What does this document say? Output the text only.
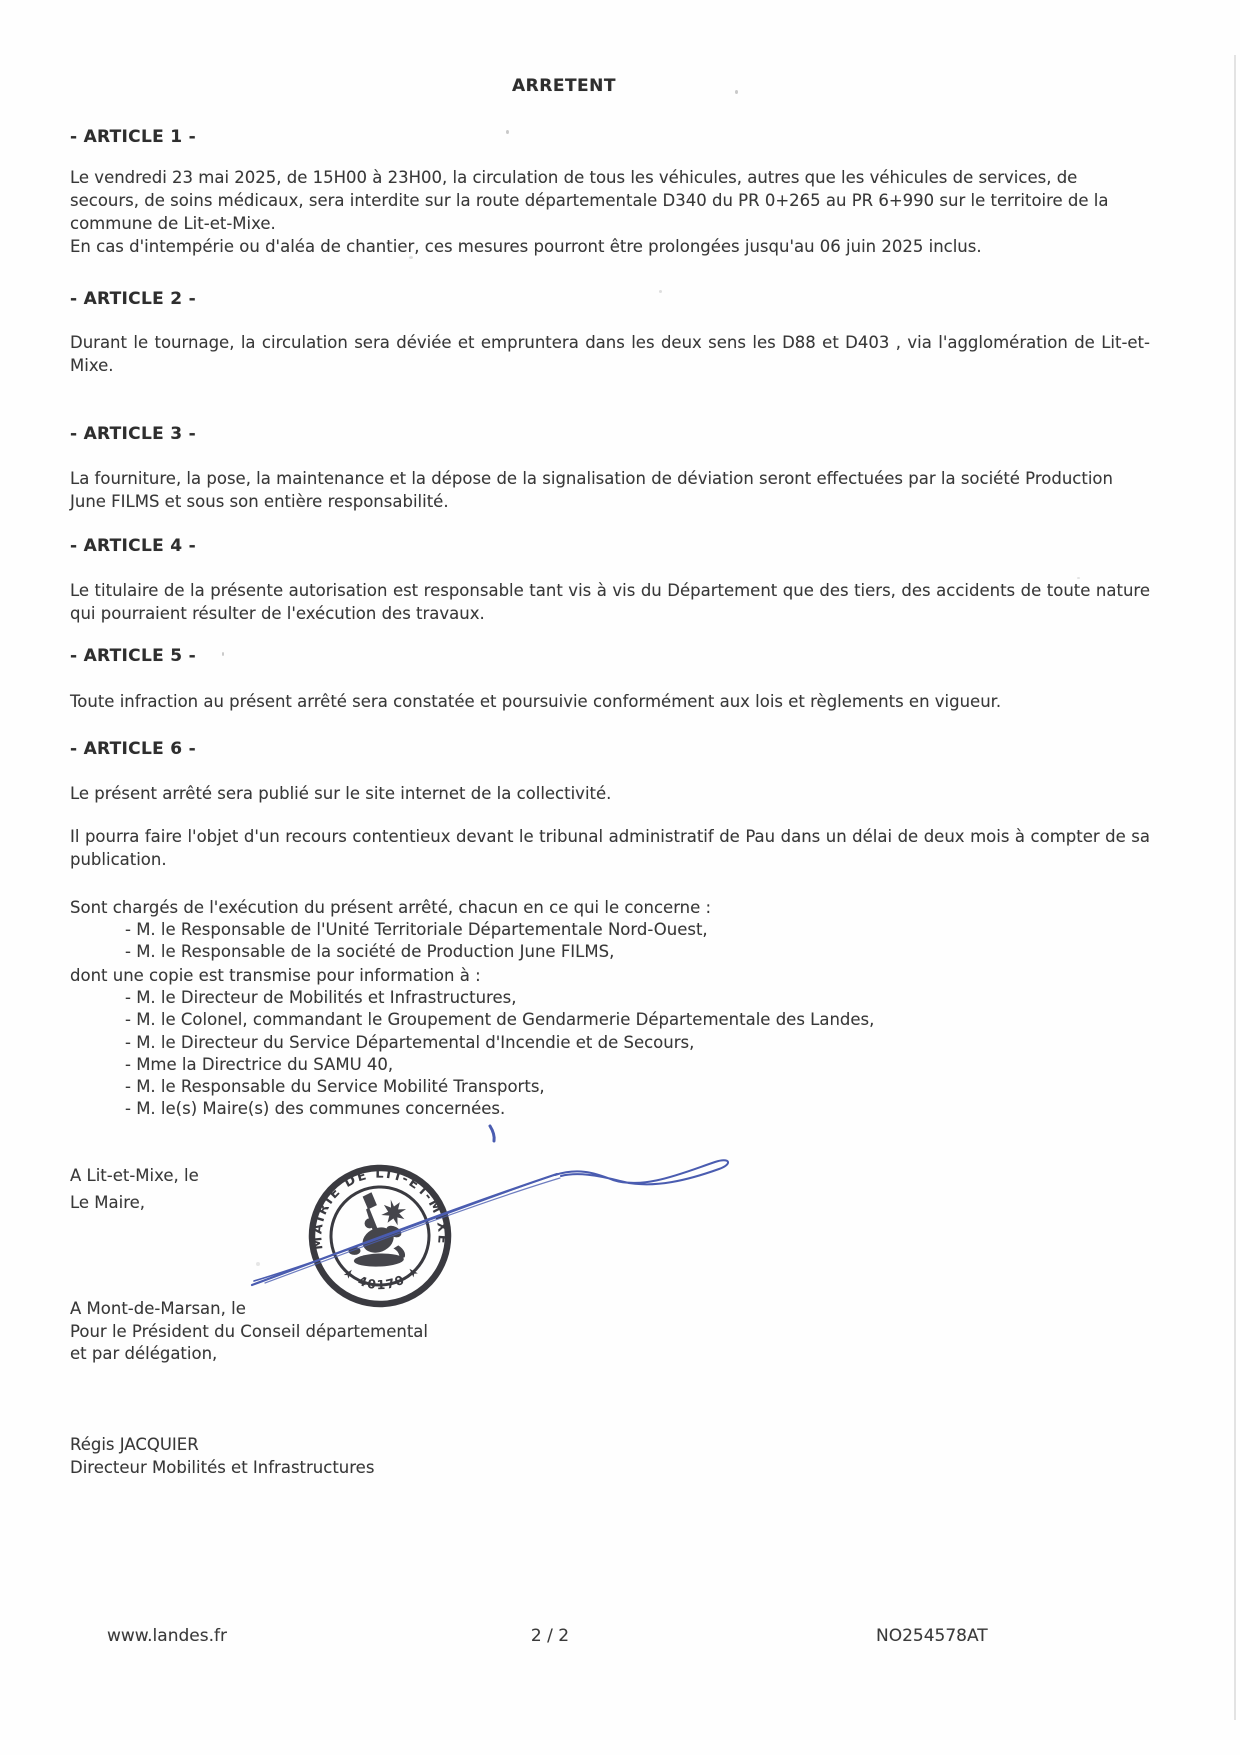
ARRETENT
- ARTICLE 1 -
Le vendredi 23 mai 2025, de 15H00 à 23H00, la circulation de tous les véhicules, autres que les véhicules de services, de secours, de soins médicaux, sera interdite sur la route départementale D340 du PR 0+265 au PR 6+990 sur le territoire de la commune de Lit-et-Mixe.
En cas d'intempérie ou d'aléa de chantier, ces mesures pourront être prolongées jusqu'au 06 juin 2025 inclus.
- ARTICLE 2 -
Durant le tournage, la circulation sera déviée et empruntera dans les deux sens les D88 et D403 , via l'agglomération de Lit-et-Mixe.
- ARTICLE 3 -
La fourniture, la pose, la maintenance et la dépose de la signalisation de déviation seront effectuées par la société Production June FILMS et sous son entière responsabilité.
- ARTICLE 4 -
Le titulaire de la présente autorisation est responsable tant vis à vis du Département que des tiers, des accidents de toute nature qui pourraient résulter de l'exécution des travaux.
- ARTICLE 5 -
Toute infraction au présent arrêté sera constatée et poursuivie conformément aux lois et règlements en vigueur.
- ARTICLE 6 -
Le présent arrêté sera publié sur le site internet de la collectivité.
Il pourra faire l'objet d'un recours contentieux devant le tribunal administratif de Pau dans un délai de deux mois à compter de sa publication.
Sont chargés de l'exécution du présent arrêté, chacun en ce qui le concerne :
- M. le Responsable de l'Unité Territoriale Départementale Nord-Ouest,
- M. le Responsable de la société de Production June FILMS,
dont une copie est transmise pour information à :
- M. le Directeur de Mobilités et Infrastructures,
- M. le Colonel, commandant le Groupement de Gendarmerie Départementale des Landes,
- M. le Directeur du Service Départemental d'Incendie et de Secours,
- Mme la Directrice du SAMU 40,
- M. le Responsable du Service Mobilité Transports,
- M. le(s) Maire(s) des communes concernées.
A Lit-et-Mixe, le
Le Maire,
MAIRIE DE LIT-ET-MIXE
★ 40170 ★
A Mont-de-Marsan, le
Pour le Président du Conseil départemental
et par délégation,
Régis JACQUIER
Directeur Mobilités et Infrastructures
www.landes.fr	2 / 2	NO254578AT
